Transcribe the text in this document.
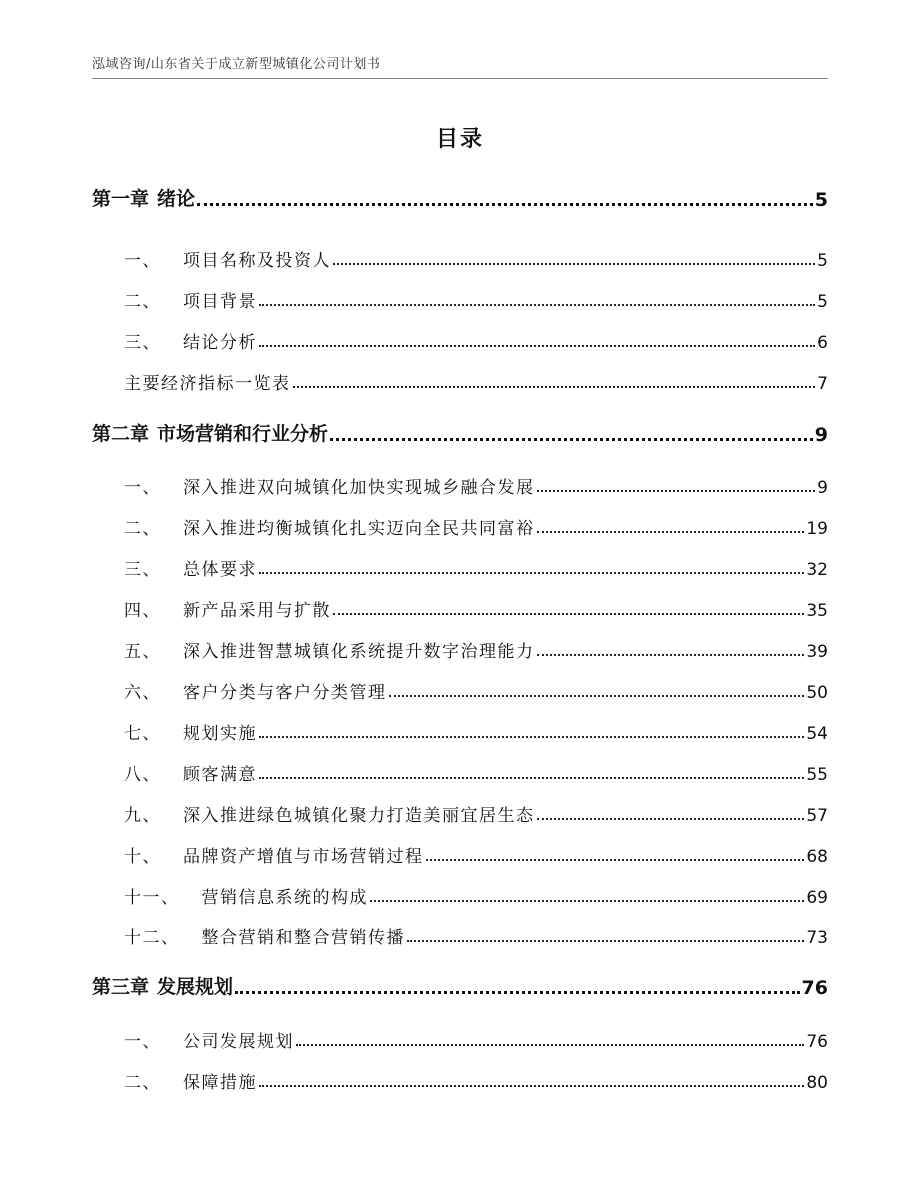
泓域咨询/山东省关于成立新型城镇化公司计划书
目录
第一章 绪论	5
一、 项目名称及投资人	5
二、 项目背景	5
三、 结论分析	6
主要经济指标一览表	7
第二章 市场营销和行业分析	9
一、 深入推进双向城镇化加快实现城乡融合发展	9
二、 深入推进均衡城镇化扎实迈向全民共同富裕	19
三、 总体要求	32
四、 新产品采用与扩散	35
五、 深入推进智慧城镇化系统提升数字治理能力	39
六、 客户分类与客户分类管理	50
七、 规划实施	54
八、 顾客满意	55
九、 深入推进绿色城镇化聚力打造美丽宜居生态	57
十、 品牌资产增值与市场营销过程	68
十一、 营销信息系统的构成	69
十二、 整合营销和整合营销传播	73
第三章 发展规划	76
一、 公司发展规划	76
二、 保障措施	80
